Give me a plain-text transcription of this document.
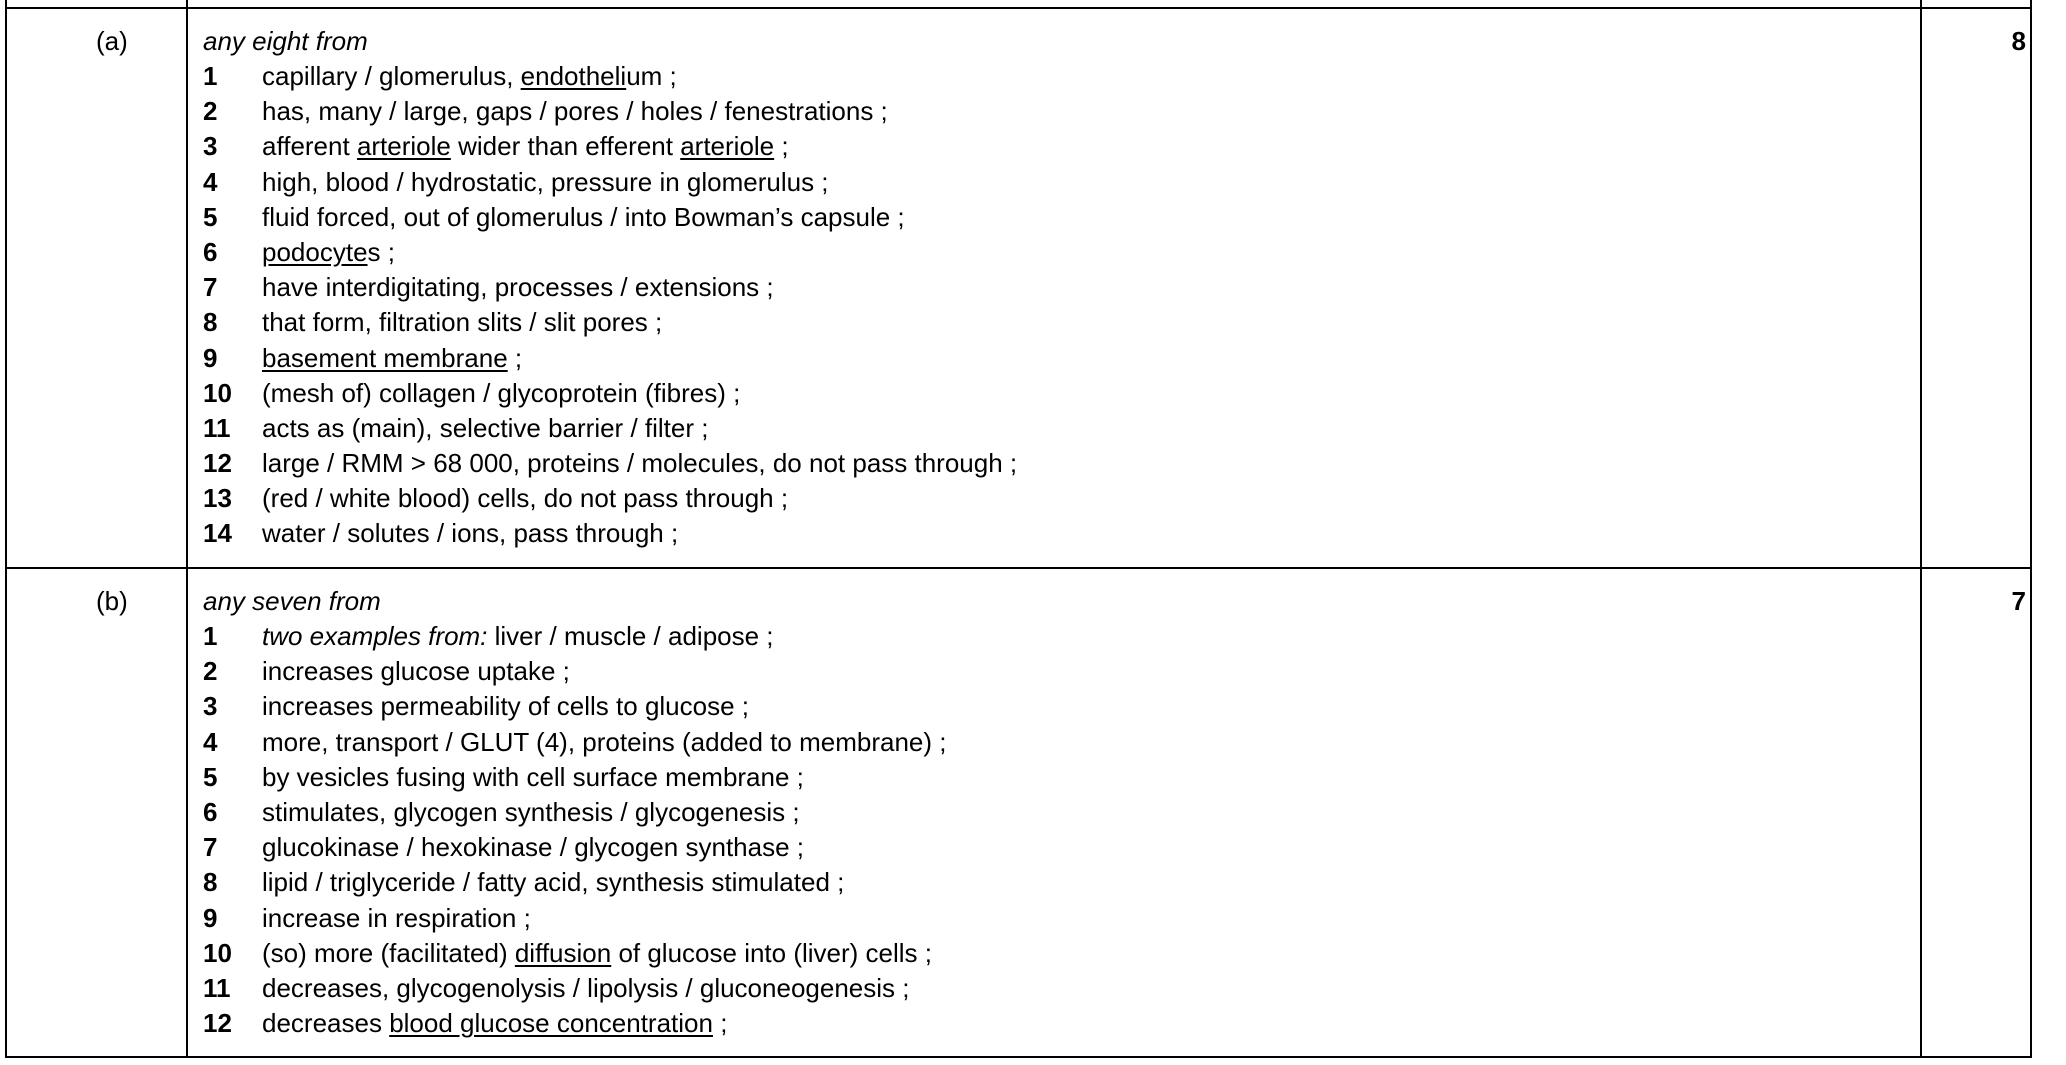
(a)	8
any eight from
1 capillary / glomerulus, endothelium ;
2 has, many / large, gaps / pores / holes / fenestrations ;
3 afferent arteriole wider than efferent arteriole ;
4 high, blood / hydrostatic, pressure in glomerulus ;
5 fluid forced, out of glomerulus / into Bowman’s capsule ;
6 podocytes ;
7 have interdigitating, processes / extensions ;
8 that form, filtration slits / slit pores ;
9 basement membrane ;
10 (mesh of) collagen / glycoprotein (fibres) ;
11 acts as (main), selective barrier / filter ;
12 large / RMM > 68 000, proteins / molecules, do not pass through ;
13 (red / white blood) cells, do not pass through ;
14 water / solutes / ions, pass through ;
(b)	7
any seven from
1 two examples from: liver / muscle / adipose ;
2 increases glucose uptake ;
3 increases permeability of cells to glucose ;
4 more, transport / GLUT (4), proteins (added to membrane) ;
5 by vesicles fusing with cell surface membrane ;
6 stimulates, glycogen synthesis / glycogenesis ;
7 glucokinase / hexokinase / glycogen synthase ;
8 lipid / triglyceride / fatty acid, synthesis stimulated ;
9 increase in respiration ;
10 (so) more (facilitated) diffusion of glucose into (liver) cells ;
11 decreases, glycogenolysis / lipolysis / gluconeogenesis ;
12 decreases blood glucose concentration ;
